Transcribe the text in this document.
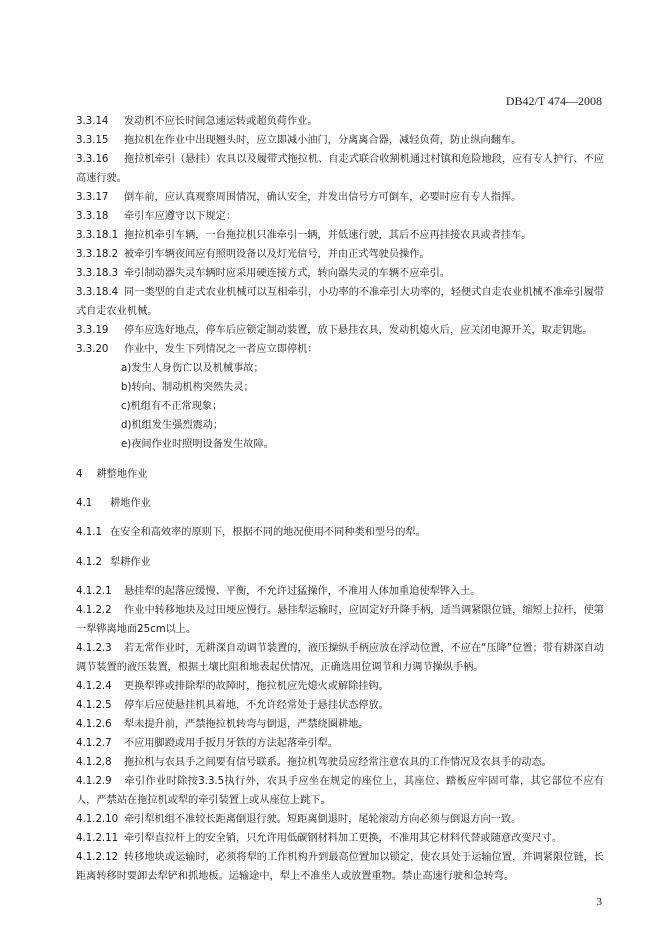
DB42/T 474—2008

3.3.14 发动机不应长时间急速运转或超负荷作业。

3.3.15 拖拉机在作业中出现翘头时，应立即减小油门，分离离合器，减轻负荷，防止纵向翻车。

3.3.16 拖拉机牵引（悬挂）农具以及履带式拖拉机、自走式联合收割机通过村镇和危险地段，应有专人护行、不应高速行驶。

3.3.17 倒车前，应认真观察周围情况，确认安全，并发出信号方可倒车，必要时应有专人指挥。

3.3.18 牵引车应遵守以下规定：

3.3.18.1 拖拉机牵引车辆，一台拖拉机只准牵引一辆，并低速行驶，其后不应再挂接农具或者挂车。

3.3.18.2 被牵引车辆夜间应有照明设备以及灯光信号，并由正式驾驶员操作。

3.3.18.3 牵引制动器失灵车辆时应采用硬连接方式，转向器失灵的车辆不应牵引。

3.3.18.4 同一类型的自走式农业机械可以互相牵引，小功率的不准牵引大功率的，轻便式自走农业机械不准牵引履带式自走农业机械。

3.3.19 停车应选好地点，停车后应锁定制动装置，放下悬挂农具，发动机熄火后，应关闭电源开关，取走钥匙。

3.3.20 作业中，发生下列情况之一者应立即停机：

a)发生人身伤亡以及机械事故；

b)转向、制动机构突然失灵；

c)机组有不正常现象；

d)机组发生强烈震动；

e)夜间作业时照明设备发生故障。

4 耕整地作业

4.1 耕地作业

4.1.1 在安全和高效率的原则下，根据不同的地况使用不同种类和型号的犁。

4.1.2 犁耕作业

4.1.2.1 悬挂犁的起落应缓慢、平衡，不允许过猛操作，不准用人体加重迫使犁铧入土。

4.1.2.2 作业中转移地块及过田埂应慢行。悬挂犁运输时，应固定好升降手柄，适当调紧限位链，缩短上拉杆，使第一犁铧离地面25cm以上。

4.1.2.3 若无常作业时，无耕深自动调节装置的，液压操纵手柄应放在浮动位置，不应在“压降”位置；带有耕深自动调节装置的液压装置，根据土壤比阻和地表起伏情况，正确选用位调节和力调节操纵手柄。

4.1.2.4 更换犁铧或排除犁的故障时，拖拉机应先熄火或解除挂钩。

4.1.2.5 停车后应使悬挂机具着地，不允许经常处于悬挂状态停放。

4.1.2.6 犁未提升前，严禁拖拉机转弯与倒退，严禁绕圈耕地。

4.1.2.7 不应用脚蹬或用手扳月牙铁的方法起落牵引犁。

4.1.2.8 拖拉机与农具手之间要有信号联系。拖拉机驾驶员应经常注意农具的工作情况及农具手的动态。

4.1.2.9 牵引作业时除按3.3.5执行外，农具手应坐在规定的座位上，其座位、踏板应牢固可靠，其它部位不应有人，严禁站在拖拉机或犁的牵引装置上或从座位上跳下。

4.1.2.10 牵引犁机组不准较长距离倒退行驶。短距离倒退时，尾轮滚动方向必须与倒退方向一致。

4.1.2.11 牵引犁直拉杆上的安全销，只允许用低碳钢材料加工更换，不准用其它材料代替或随意改变尺寸。

4.1.2.12 转移地块或运输时，必须将犁的工作机构升到最高位置加以锁定，使农具处于运输位置，并调紧限位链，长距离转移时要卸去犁铲和抓地板。运输途中，犁上不准坐人或放置重物。禁止高速行驶和急转弯。

3
